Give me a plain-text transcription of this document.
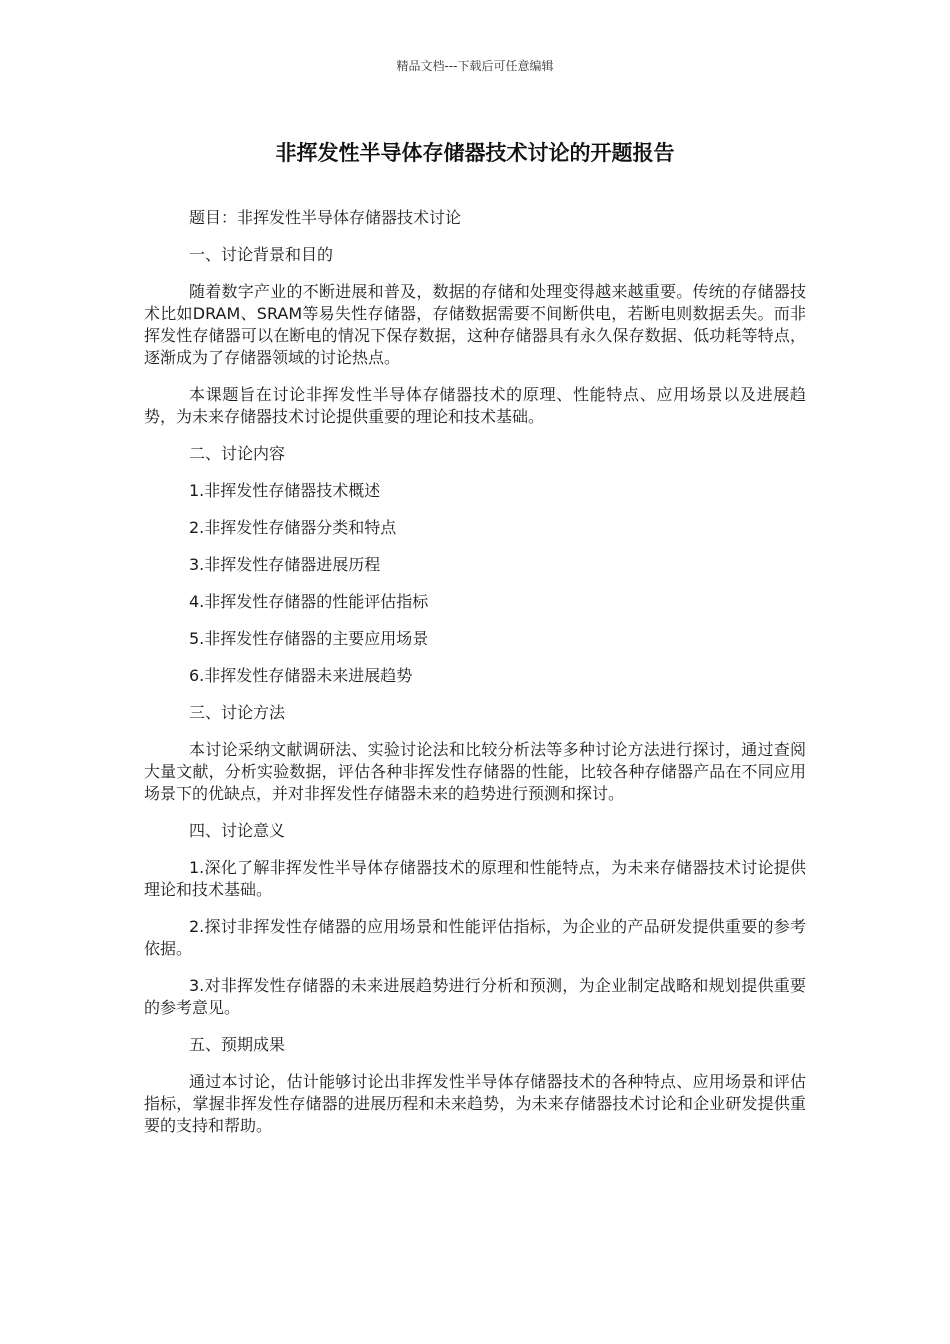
精品文档---下载后可任意编辑
非挥发性半导体存储器技术讨论的开题报告

题目：非挥发性半导体存储器技术讨论

一、讨论背景和目的

随着数字产业的不断进展和普及，数据的存储和处理变得越来越重要。传统的存储器技术比如DRAM、SRAM等易失性存储器，存储数据需要不间断供电，若断电则数据丢失。而非挥发性存储器可以在断电的情况下保存数据，这种存储器具有永久保存数据、低功耗等特点，逐渐成为了存储器领域的讨论热点。

本课题旨在讨论非挥发性半导体存储器技术的原理、性能特点、应用场景以及进展趋势，为未来存储器技术讨论提供重要的理论和技术基础。

二、讨论内容

1.非挥发性存储器技术概述

2.非挥发性存储器分类和特点

3.非挥发性存储器进展历程

4.非挥发性存储器的性能评估指标

5.非挥发性存储器的主要应用场景

6.非挥发性存储器未来进展趋势

三、讨论方法

本讨论采纳文献调研法、实验讨论法和比较分析法等多种讨论方法进行探讨，通过查阅大量文献，分析实验数据，评估各种非挥发性存储器的性能，比较各种存储器产品在不同应用场景下的优缺点，并对非挥发性存储器未来的趋势进行预测和探讨。

四、讨论意义

1.深化了解非挥发性半导体存储器技术的原理和性能特点，为未来存储器技术讨论提供理论和技术基础。

2.探讨非挥发性存储器的应用场景和性能评估指标，为企业的产品研发提供重要的参考依据。

3.对非挥发性存储器的未来进展趋势进行分析和预测，为企业制定战略和规划提供重要的参考意见。

五、预期成果

通过本讨论，估计能够讨论出非挥发性半导体存储器技术的各种特点、应用场景和评估指标，掌握非挥发性存储器的进展历程和未来趋势，为未来存储器技术讨论和企业研发提供重要的支持和帮助。
